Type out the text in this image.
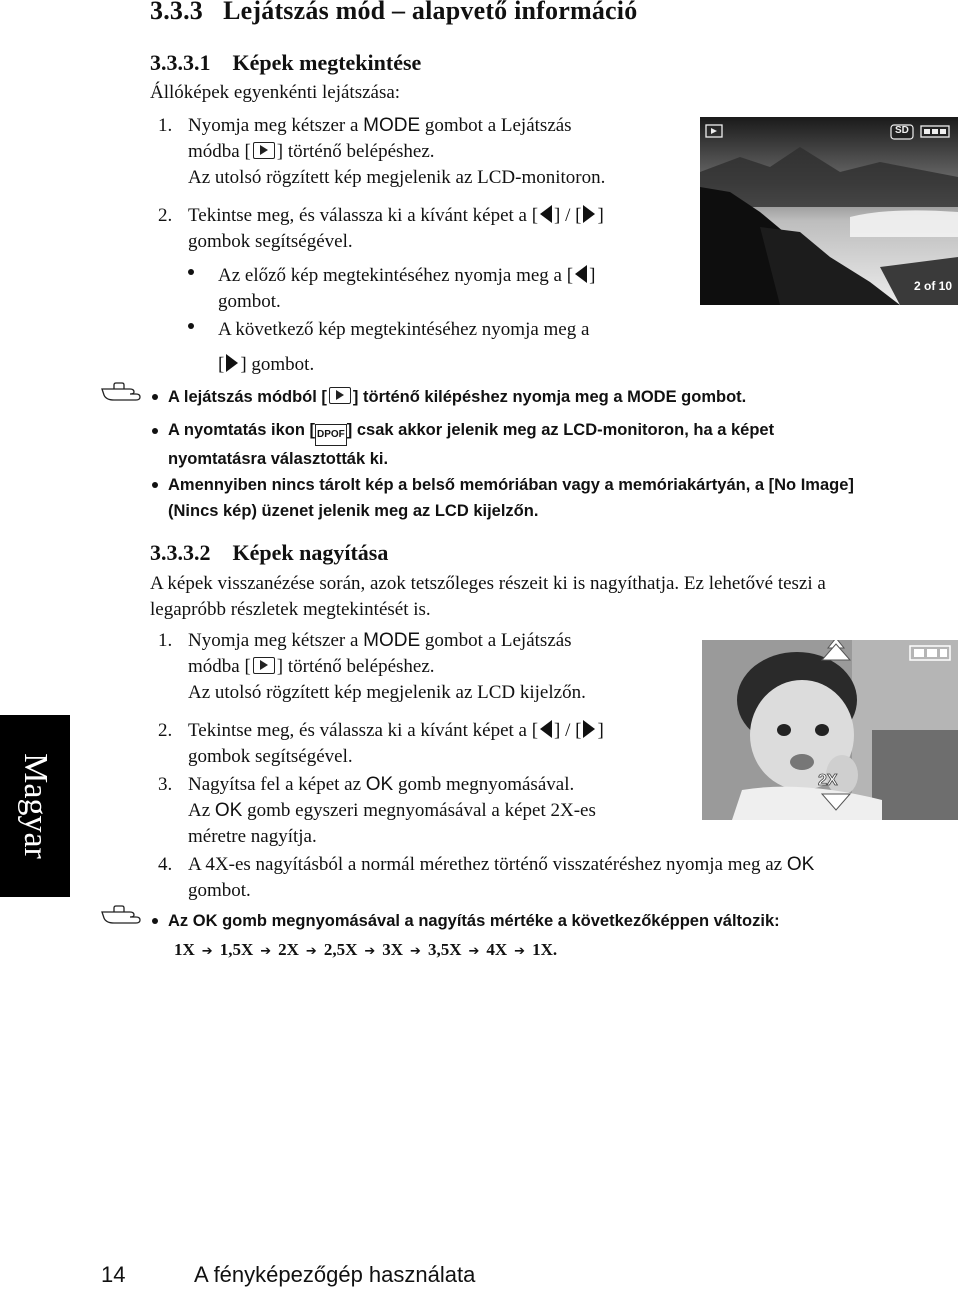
3.3.3 Lejátszás mód – alapvető információ
3.3.3.1 Képek megtekintése
Állóképek egyenkénti lejátszása:
1. Nyomja meg kétszer a MODE gombot a Lejátszás
módba [ ] történő belépéshez.
Az utolsó rögzített kép megjelenik az LCD-monitoron.
2. Tekintse meg, és válassza ki a kívánt képet a [ ] / [ ]
gombok segítségével.
Az előző kép megtekintéséhez nyomja meg a [ ]
gombot.
A következő kép megtekintéséhez nyomja meg a
[ ] gombot.
SD
2 of 10
A lejátszás módból [ ] történő kilépéshez nyomja meg a MODE gombot.
A nyomtatás ikon [ DPOF ] csak akkor jelenik meg az LCD-monitoron, ha a képet
nyomtatásra választották ki.
Amennyiben nincs tárolt kép a belső memóriában vagy a memóriakártyán, a [No Image]
(Nincs kép) üzenet jelenik meg az LCD kijelzőn.
3.3.3.2 Képek nagyítása
A képek visszanézése során, azok tetszőleges részeit ki is nagyíthatja. Ez lehetővé teszi a
legapróbb részletek megtekintését is.
1. Nyomja meg kétszer a MODE gombot a Lejátszás
módba [ ] történő belépéshez.
Az utolsó rögzített kép megjelenik az LCD kijelzőn.
2. Tekintse meg, és válassza ki a kívánt képet a [ ] / [ ]
gombok segítségével.
3. Nagyítsa fel a képet az OK gomb megnyomásával.
Az OK gomb egyszeri megnyomásával a képet 2X-es
méretre nagyítja.
4. A 4X-es nagyításból a normál mérethez történő visszatéréshez nyomja meg az OK
gombot.
2X
Az OK gomb megnyomásával a nagyítás mértéke a következőképpen változik:
1X ➔ 1,5X ➔ 2X ➔ 2,5X ➔ 3X ➔ 3,5X ➔ 4X ➔ 1X.
Magyar
14	A fényképezőgép használata
